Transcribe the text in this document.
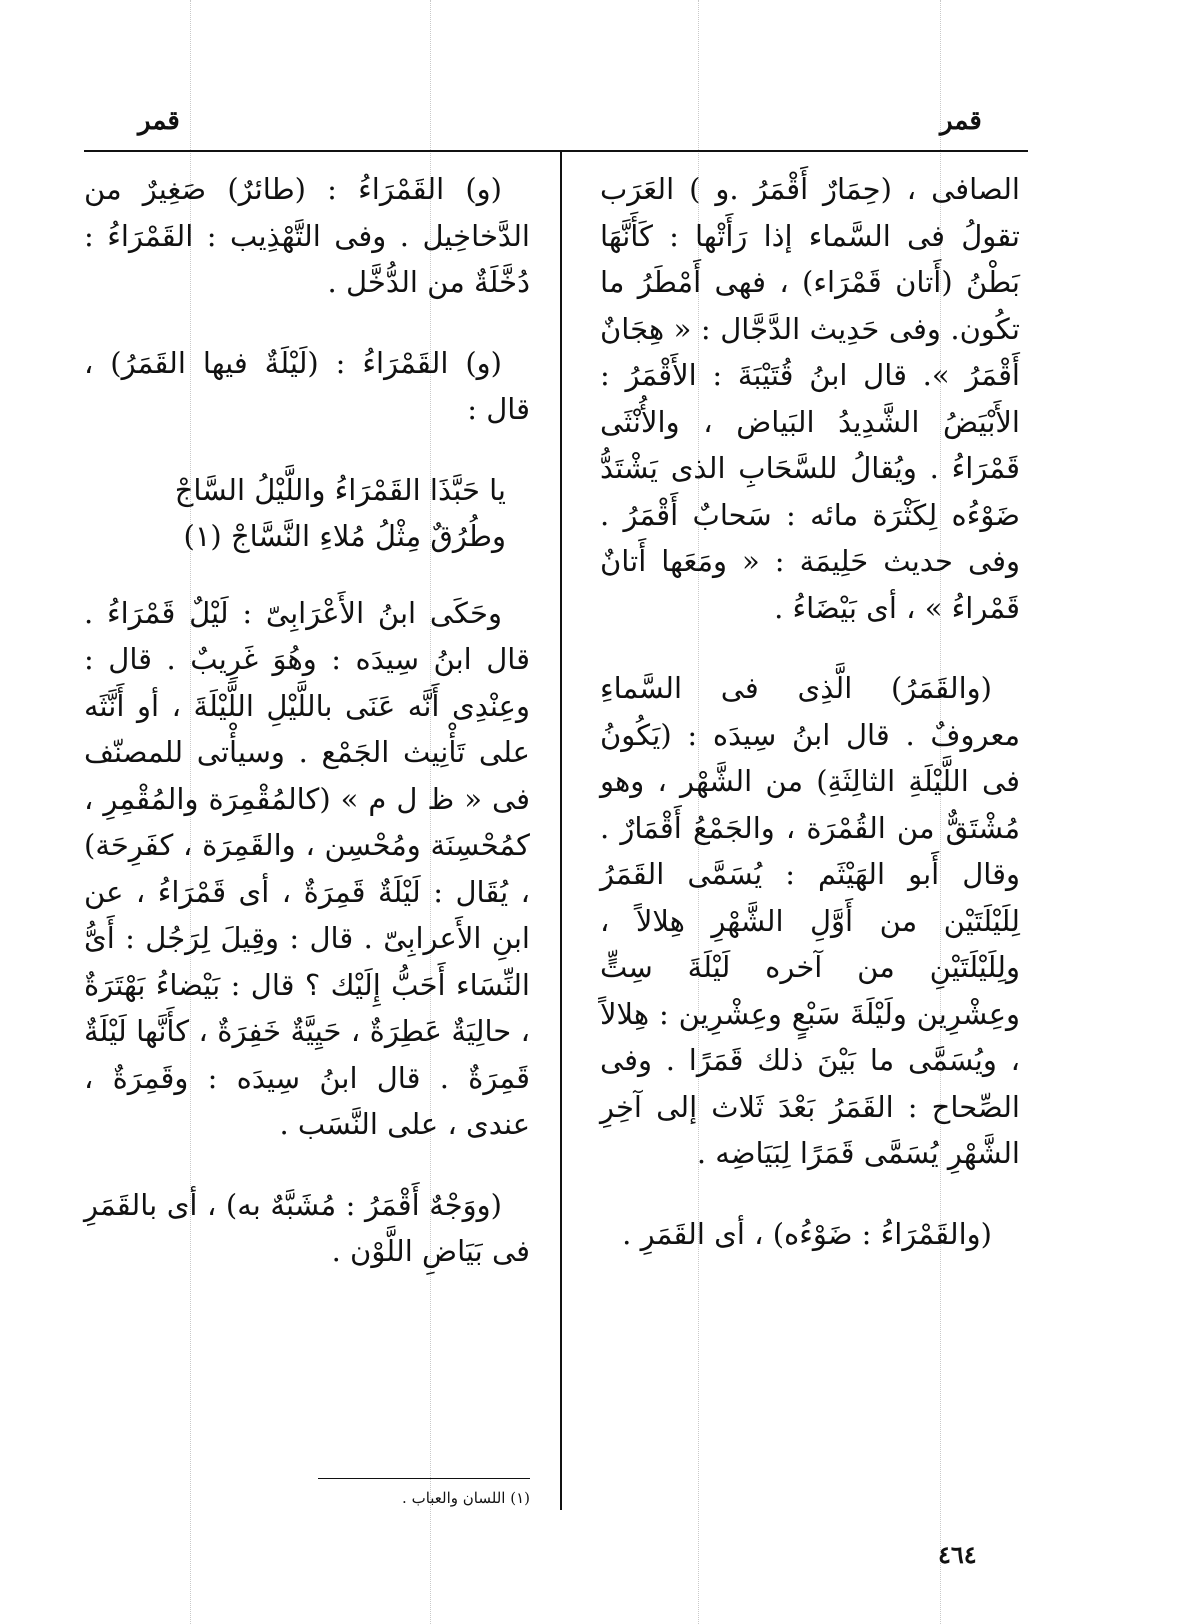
قمر
قمر

الصافى ، (حِمَارٌ أَقْمَرُ .و ) العَرَب تقولُ فى السَّماء إذا رَأَتْها : كَأَنَّهَا بَطْنُ (أَتان قَمْرَاء) ، فهى أَمْطَرُ ما تكُون. وفى حَدِيث الدَّجَّال : « هِجَانٌ أَقْمَرُ ». قال ابنُ قُتَيْبَةَ : الأَقْمَرُ : الأَبْيَضُ الشَّدِيدُ البَياض ، والأُنْثَى قَمْرَاءُ . ويُقالُ للسَّحَابِ الذى يَشْتَدُّ ضَوْءُه لِكَثْرَة مائه : سَحابٌ أَقْمَرُ . وفى حديث حَلِيمَة : « ومَعَها أَتانٌ قَمْراءُ » ، أى بَيْضَاءُ .

(والقَمَرُ) الَّذِى فى السَّماءِ معروفٌ . قال ابنُ سِيدَه : (يَكُونُ فى اللَّيْلَةِ الثالِثَةِ) من الشَّهْر ، وهو مُشْتَقٌّ من القُمْرَة ، والجَمْعُ أَقْمَارٌ . وقال أَبو الهَيْثَم : يُسَمَّى القَمَرُ لِلَيْلَتَيْن من أَوَّلِ الشَّهْرِ هِلالاً ، ولِلَيْلَتَيْنِ من آخره لَيْلَةَ سِتٍّ وعِشْرِين ولَيْلَةَ سَبْعٍ وعِشْرِين : هِلالاً ، ويُسَمَّى ما بَيْنَ ذلك قَمَرًا . وفى الصِّحاح : القَمَرُ بَعْدَ ثَلاث إلى آخِرِ الشَّهْرِ يُسَمَّى قَمَرًا لِبَيَاضِه .

(والقَمْرَاءُ : ضَوْءُه) ، أى القَمَرِ .

(و) القَمْرَاءُ : (طائرٌ) صَغِيرٌ من الدَّخاخِيل . وفى التَّهْذِيب : القَمْرَاءُ : دُخَّلَةٌ من الدُّخَّل .

(و) القَمْرَاءُ : (لَيْلَةٌ فيها القَمَرُ) ، قال :

يا حَبَّذَا القَمْرَاءُ واللَّيْلُ السَّاجْ
وطُرُقٌ مِثْلُ مُلاءِ النَّسَّاجْ (١)

وحَكَى ابنُ الأَعْرَابِىّ : لَيْلٌ قَمْرَاءُ . قال ابنُ سِيدَه : وهُوَ غَرِيبٌ . قال : وعِنْدِى أَنَّه عَنَى باللَّيْلِ اللَّيْلَةَ ، أو أَنَّثَه على تَأْنِيث الجَمْع . وسيأْتى للمصنّف فى « ظ ل م » (كالمُقْمِرَة والمُقْمِرِ ، كمُحْسِنَة ومُحْسِن ، والقَمِرَة ، كفَرِحَة) ، يُقَال : لَيْلَةٌ قَمِرَةٌ ، أى قَمْرَاءُ ، عن ابنِ الأَعرابِىّ . قال : وقِيلَ لِرَجُل : أَىُّ النِّسَاء أَحَبُّ إِلَيْك ؟ قال : بَيْضاءُ بَهْتَرَةٌ ، حالِيَةٌ عَطِرَةٌ ، حَيِيَّةٌ خَفِرَةٌ ، كأَنَّها لَيْلَةٌ قَمِرَةٌ . قال ابنُ سِيدَه : وقَمِرَةٌ ، عندى ، على النَّسَب .

(ووَجْهٌ أَقْمَرُ : مُشَبَّهٌ به) ، أى بالقَمَرِ فى بَيَاضِ اللَّوْن .

(١) اللسان والعباب .
٤٦٤
